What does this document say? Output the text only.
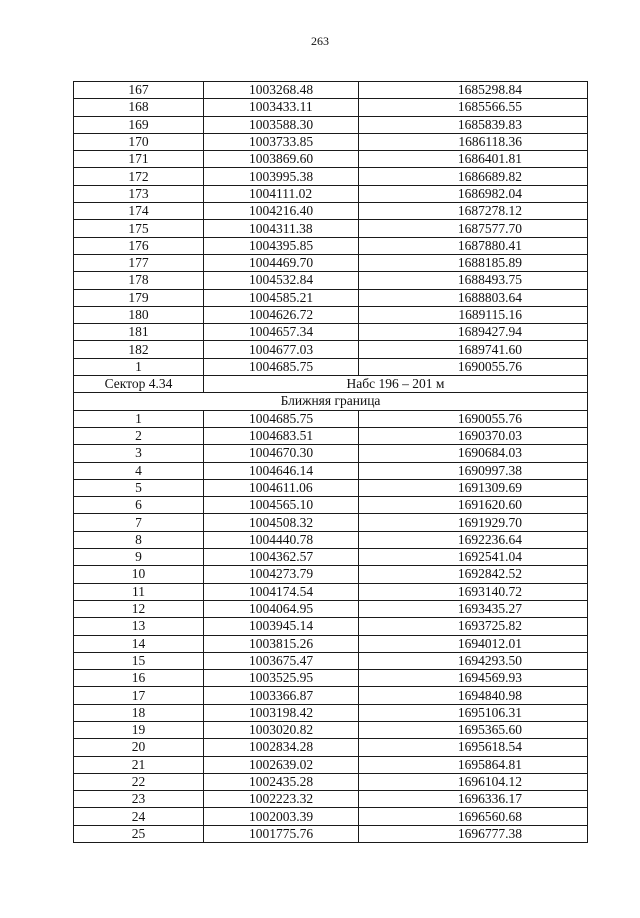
263
167	1003268.48	1685298.84
168	1003433.11	1685566.55
169	1003588.30	1685839.83
170	1003733.85	1686118.36
171	1003869.60	1686401.81
172	1003995.38	1686689.82
173	1004111.02	1686982.04
174	1004216.40	1687278.12
175	1004311.38	1687577.70
176	1004395.85	1687880.41
177	1004469.70	1688185.89
178	1004532.84	1688493.75
179	1004585.21	1688803.64
180	1004626.72	1689115.16
181	1004657.34	1689427.94
182	1004677.03	1689741.60
1	1004685.75	1690055.76
Сектор 4.34	Набс 196 – 201 м	
Ближняя граница		
1	1004685.75	1690055.76
2	1004683.51	1690370.03
3	1004670.30	1690684.03
4	1004646.14	1690997.38
5	1004611.06	1691309.69
6	1004565.10	1691620.60
7	1004508.32	1691929.70
8	1004440.78	1692236.64
9	1004362.57	1692541.04
10	1004273.79	1692842.52
11	1004174.54	1693140.72
12	1004064.95	1693435.27
13	1003945.14	1693725.82
14	1003815.26	1694012.01
15	1003675.47	1694293.50
16	1003525.95	1694569.93
17	1003366.87	1694840.98
18	1003198.42	1695106.31
19	1003020.82	1695365.60
20	1002834.28	1695618.54
21	1002639.02	1695864.81
22	1002435.28	1696104.12
23	1002223.32	1696336.17
24	1002003.39	1696560.68
25	1001775.76	1696777.38
